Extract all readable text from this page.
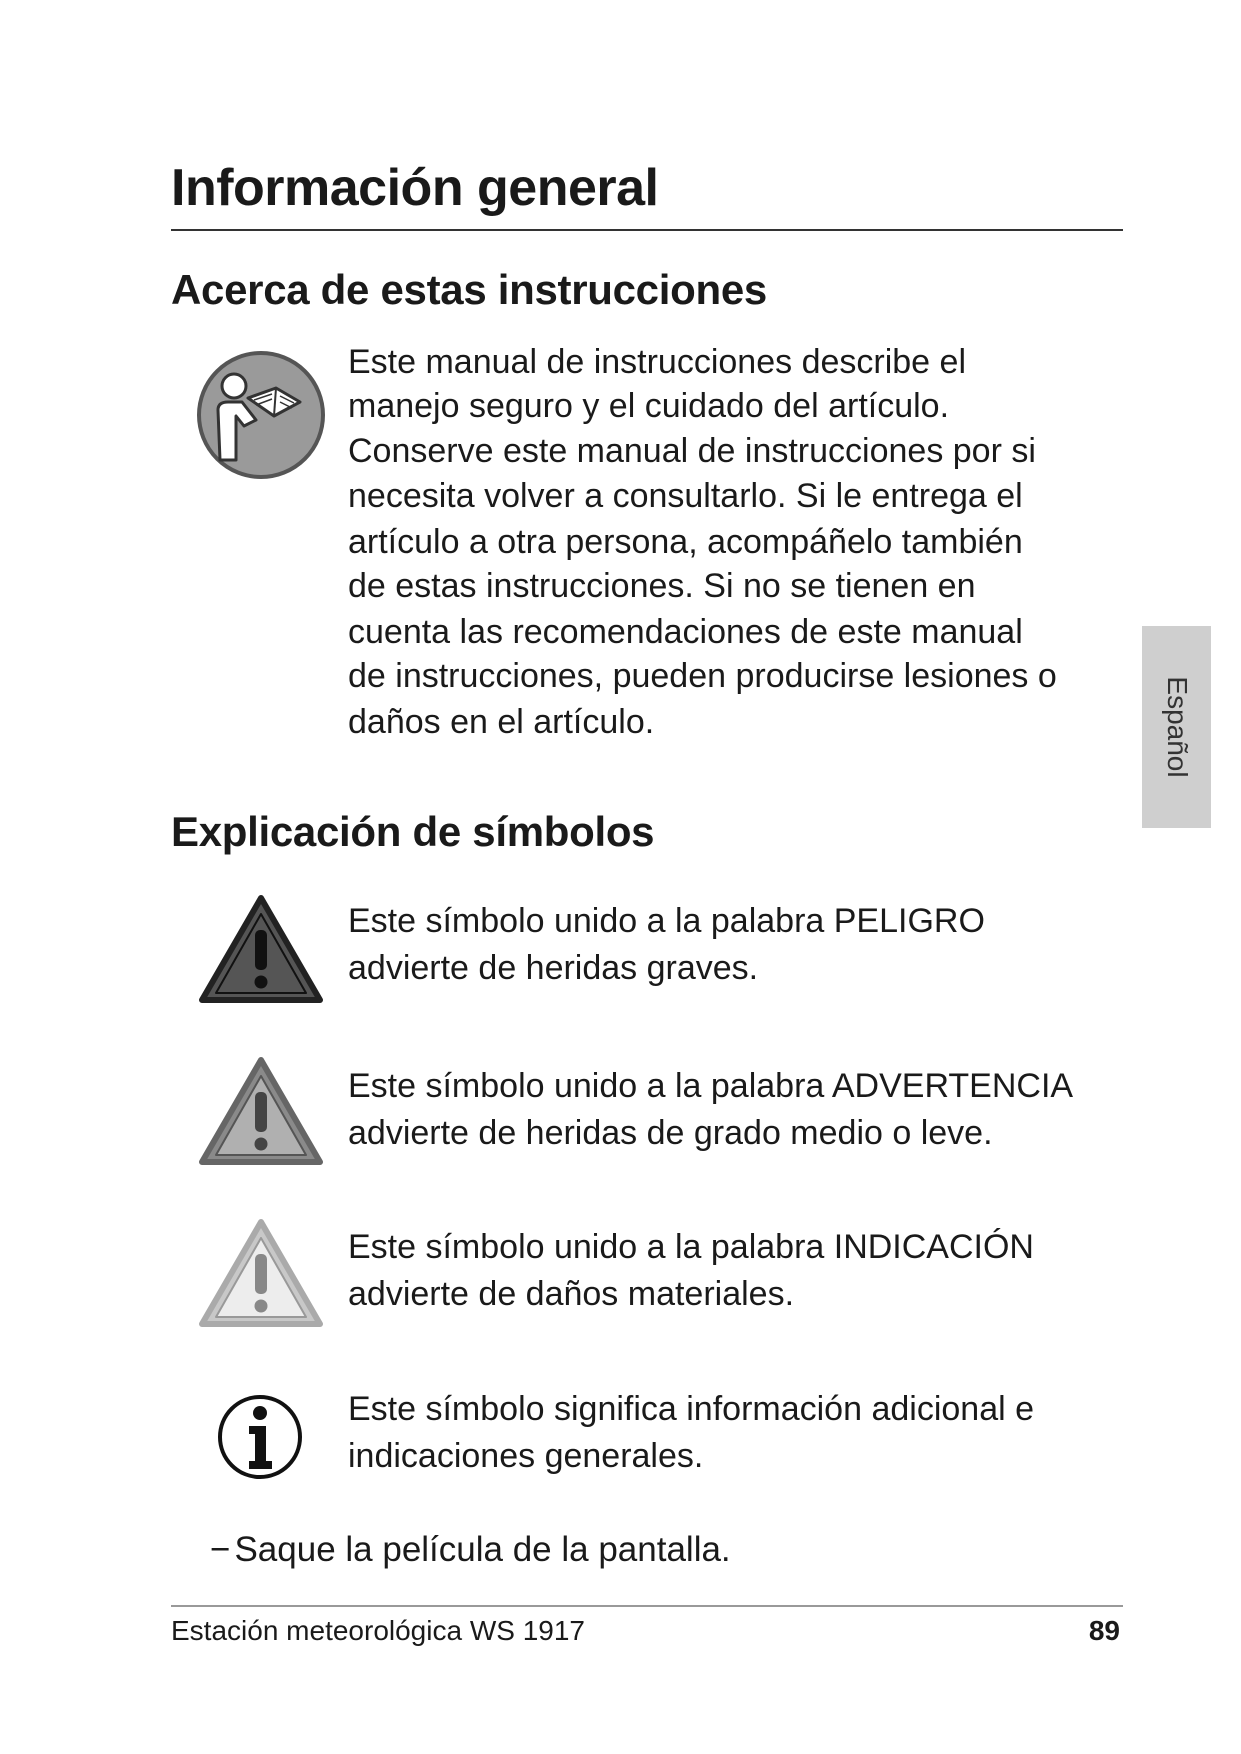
Información general
Acerca de estas instrucciones

Este manual de instrucciones describe el

manejo seguro y el cuidado del artículo.

Conserve este manual de instrucciones por si

necesita volver a consultarlo. Si le entrega el

artículo a otra persona, acompáñelo también

de estas instrucciones. Si no se tienen en

cuenta las recomendaciones de este manual

de instrucciones, pueden producirse lesiones o

daños en el artículo.

Explicación de símbolos

Este símbolo unido a la palabra PELIGRO

advierte de heridas graves.

Este símbolo unido a la palabra ADVERTENCIA

advierte de heridas de grado medio o leve.

Este símbolo unido a la palabra INDICACIÓN

advierte de daños materiales.

Este símbolo significa información adicional e

indicaciones generales.

− Saque la película de la pantalla.

Estación meteorológica WS 1917	89
Español
